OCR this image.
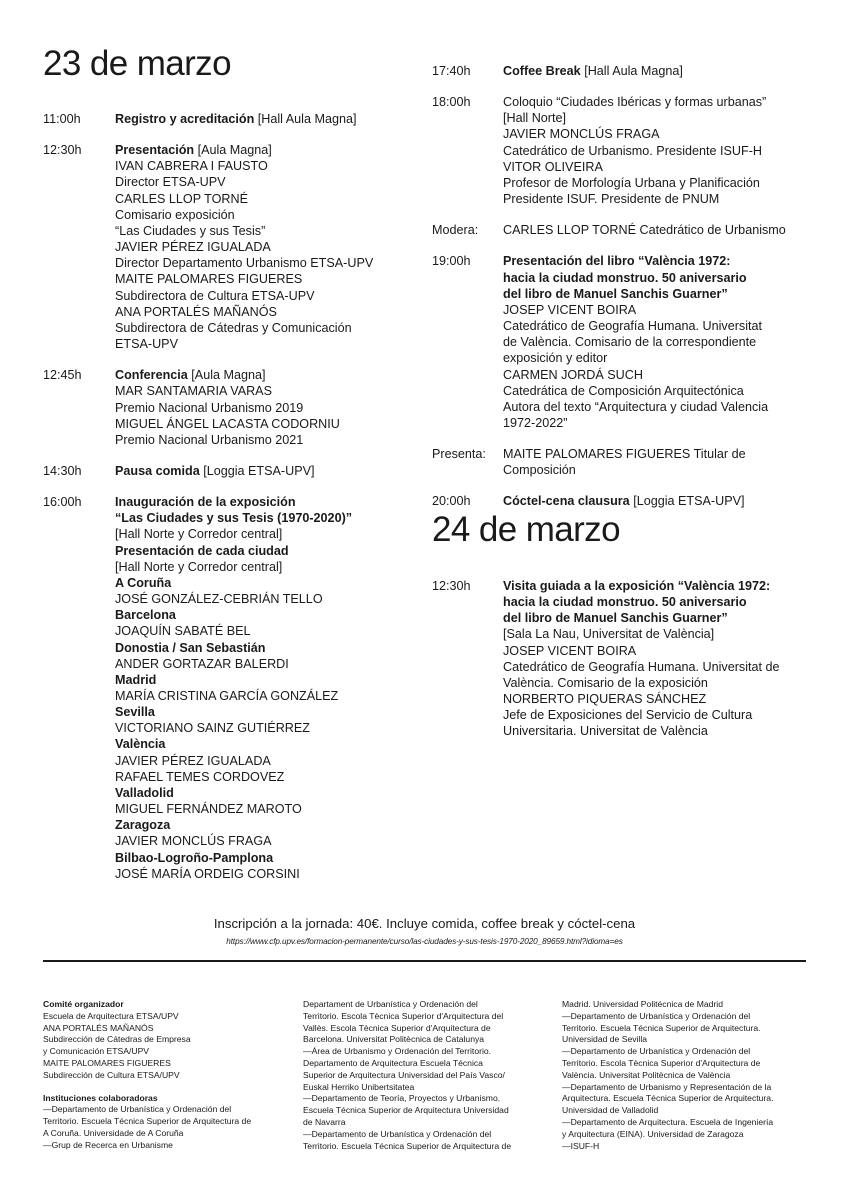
23 de marzo
11:00h	Registro y acreditación [Hall Aula Magna]
12:30h	Presentación [Aula Magna]
IVAN CABRERA I FAUSTO
Director ETSA-UPV
CARLES LLOP TORNÉ
Comisario exposición
“Las Ciudades y sus Tesis”
JAVIER PÉREZ IGUALADA
Director Departamento Urbanismo ETSA-UPV
MAITE PALOMARES FIGUERES
Subdirectora de Cultura ETSA-UPV
ANA PORTALÉS MAÑANÓS
Subdirectora de Cátedras y Comunicación
ETSA-UPV
12:45h	Conferencia [Aula Magna]
MAR SANTAMARIA VARAS
Premio Nacional Urbanismo 2019
MIGUEL ÁNGEL LACASTA CODORNIU
Premio Nacional Urbanismo 2021
14:30h	Pausa comida [Loggia ETSA-UPV]
16:00h	Inauguración de la exposición
“Las Ciudades y sus Tesis (1970-2020)”
[Hall Norte y Corredor central]
Presentación de cada ciudad
[Hall Norte y Corredor central]
A Coruña
JOSÉ GONZÁLEZ-CEBRIÁN TELLO
Barcelona
JOAQUÍN SABATÉ BEL
Donostia / San Sebastián
ANDER GORTAZAR BALERDI
Madrid
MARÍA CRISTINA GARCÍA GONZÁLEZ
Sevilla
VICTORIANO SAINZ GUTIÉRREZ
València
JAVIER PÉREZ IGUALADA
RAFAEL TEMES CORDOVEZ
Valladolid
MIGUEL FERNÁNDEZ MAROTO
Zaragoza
JAVIER MONCLÚS FRAGA
Bilbao-Logroño-Pamplona
JOSÉ MARÍA ORDEIG CORSINI
17:40h	Coffee Break [Hall Aula Magna]
18:00h	Coloquio “Ciudades Ibéricas y formas urbanas”
[Hall Norte]
JAVIER MONCLÚS FRAGA
Catedrático de Urbanismo. Presidente ISUF-H
VITOR OLIVEIRA
Profesor de Morfología Urbana y Planificación
Presidente ISUF. Presidente de PNUM
Modera:	CARLES LLOP TORNÉ Catedrático de Urbanismo
19:00h	Presentación del libro “València 1972:
hacia la ciudad monstruo. 50 aniversario
del libro de Manuel Sanchis Guarner”
JOSEP VICENT BOIRA
Catedrático de Geografía Humana. Universitat
de València. Comisario de la correspondiente
exposición y editor
CARMEN JORDÁ SUCH
Catedrática de Composición Arquitectónica
Autora del texto “Arquitectura y ciudad Valencia
1972-2022”
Presenta:	MAITE PALOMARES FIGUERES Titular de
Composición
20:00h	Cóctel-cena clausura [Loggia ETSA-UPV]
24 de marzo
12:30h	Visita guiada a la exposición “València 1972:
hacia la ciudad monstruo. 50 aniversario
del libro de Manuel Sanchis Guarner”
[Sala La Nau, Universitat de València]
JOSEP VICENT BOIRA
Catedrático de Geografía Humana. Universitat de
València. Comisario de la exposición
NORBERTO PIQUERAS SÁNCHEZ
Jefe de Exposiciones del Servicio de Cultura
Universitaria. Universitat de València
Inscripción a la jornada: 40€. Incluye comida, coffee break y cóctel-cena
https://www.cfp.upv.es/formacion-permanente/curso/las-ciudades-y-sus-tesis-1970-2020_89659.html?idioma=es
Comité organizador
Escuela de Arquitectura ETSA/UPV
ANA PORTALÉS MAÑANÓS
Subdirección de Cátedras de Empresa
y Comunicación ETSA/UPV
MAITE PALOMARES FIGUERES
Subdirección de Cultura ETSA/UPV
Instituciones colaboradoras
—Departamento de Urbanística y Ordenación del
Territorio. Escuela Técnica Superior de Arquitectura de
A Coruña. Universidade de A Coruña
—Grup de Recerca en Urbanisme
Departament de Urbanística y Ordenación del
Territorio. Escola Tècnica Superior d'Arquitectura del
Vallès. Escola Tècnica Superior d'Arquitectura de
Barcelona. Universitat Politècnica de Catalunya
—Área de Urbanismo y Ordenación del Territorio.
Departamento de Arquitectura Escuela Técnica
Superior de Arquitectura Universidad del País Vasco/
Euskal Herriko Unibertsitatea
—Departamento de Teoría, Proyectos y Urbanismo.
Escuela Técnica Superior de Arquitectura Universidad
de Navarra
—Departamento de Urbanística y Ordenación del
Territorio. Escuela Técnica Superior de Arquitectura de
Madrid. Universidad Politécnica de Madrid
—Departamento de Urbanística y Ordenación del
Territorio. Escuela Técnica Superior de Arquitectura.
Universidad de Sevilla
—Departamento de Urbanística y Ordenación del
Territorio. Escola Tècnica Superior d'Arquitectura de
València. Universitat Politècnica de València
—Departamento de Urbanismo y Representación de la
Arquitectura. Escuela Técnica Superior de Arquitectura.
Universidad de Valladolid
—Departamento de Arquitectura. Escuela de Ingeniería
y Arquitectura (EINA). Universidad de Zaragoza
—ISUF-H
